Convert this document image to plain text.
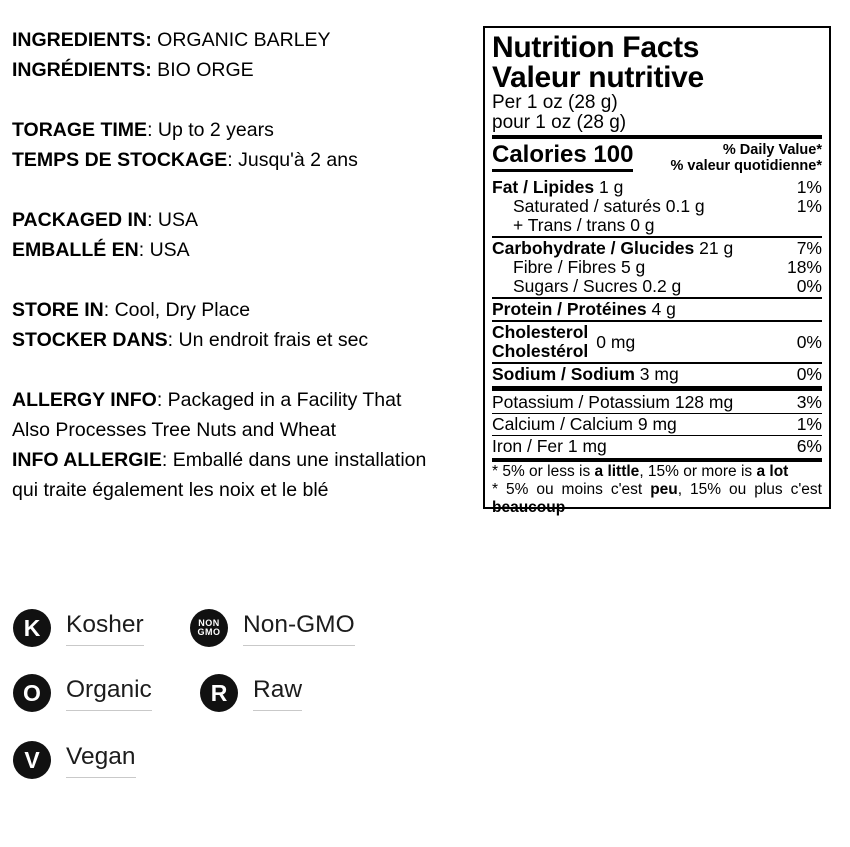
INGREDIENTS: ORGANIC BARLEY
INGRÉDIENTS: BIO ORGE
TORAGE TIME: Up to 2 years
TEMPS DE STOCKAGE: Jusqu'à 2 ans
PACKAGED IN: USA
EMBALLÉ EN: USA
STORE IN: Cool, Dry Place
STOCKER DANS: Un endroit frais et sec
ALLERGY INFO: Packaged in a Facility That
Also Processes Tree Nuts and Wheat
INFO ALLERGIE: Emballé dans une installation
qui traite également les noix et le blé
Nutrition Facts
Valeur nutritive
Per 1 oz (28 g)
pour 1 oz (28 g)
Calories 100	% Daily Value*
% valeur quotidienne*
Fat / Lipides 1 g	1%
Saturated / saturés 0.1 g	1%
+ Trans / trans 0 g
Carbohydrate / Glucides 21 g	7%
Fibre / Fibres 5 g	18%
Sugars / Sucres 0.2 g	0%
Protein / Protéines 4 g
Cholesterol
Cholestérol 0 mg	0%
Sodium / Sodium 3 mg	0%
Potassium / Potassium 128 mg	3%
Calcium / Calcium 9 mg	1%
Iron / Fer 1 mg	6%
* 5% or less is a little, 15% or more is a lot
* 5% ou moins c'est peu, 15% ou plus c'est
beaucoup
K Kosher	NON
GMO Non-GMO
O Organic	R Raw
V Vegan
